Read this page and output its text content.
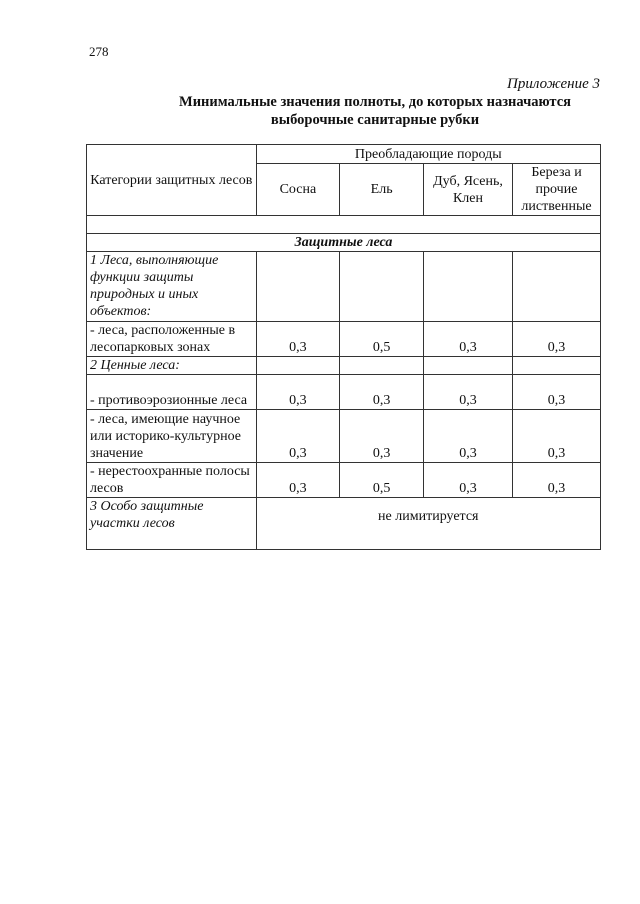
278
Приложение 3
Минимальные значения полноты, до которых назначаются
выборочные санитарные рубки
Категории защитных лесов	Преобладающие породы			
	Сосна	Ель	Дуб, Ясень, Клен	Береза и прочие лиственные

Защитные леса				
1 Леса, выполняющие функции защиты природных и иных объектов:				
- леса, расположенные в лесопарковых зонах	0,3	0,5	0,3	0,3
2 Ценные леса:				
- противоэрозионные леса	0,3	0,3	0,3	0,3
- леса, имеющие научное или историко-культурное значение	0,3	0,3	0,3	0,3
- нерестоохранные полосы лесов	0,3	0,5	0,3	0,3
3 Особо защитные участки лесов	не лимитируется			
